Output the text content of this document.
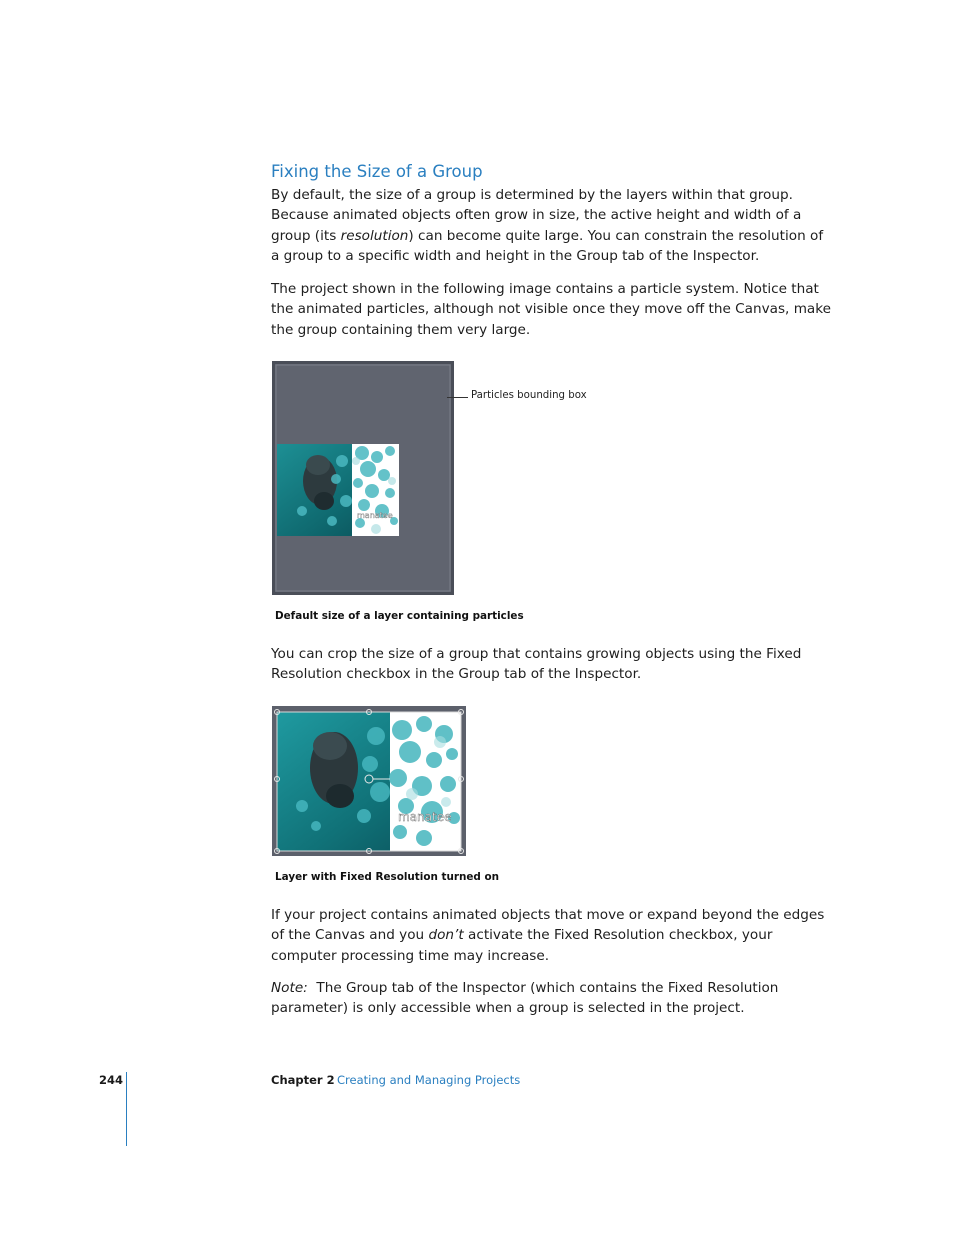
Fixing the Size of a Group

By default, the size of a group is determined by the layers within that group. Because animated objects often grow in size, the active height and width of a group (its resolution) can become quite large. You can constrain the resolution of a group to a specific width and height in the Group tab of the Inspector.

The project shown in the following image contains a particle system. Notice that the animated particles, although not visible once they move off the Canvas, make the group containing them very large.

manatee
Particles bounding box
Default size of a layer containing particles

You can crop the size of a group that contains growing objects using the Fixed Resolution checkbox in the Group tab of the Inspector.

manatee
Layer with Fixed Resolution turned on

If your project contains animated objects that move or expand beyond the edges of the Canvas and you don’t activate the Fixed Resolution checkbox, your computer processing time may increase.

Note: The Group tab of the Inspector (which contains the Fixed Resolution parameter) is only accessible when a group is selected in the project.

244	Chapter 2 Creating and Managing Projects
